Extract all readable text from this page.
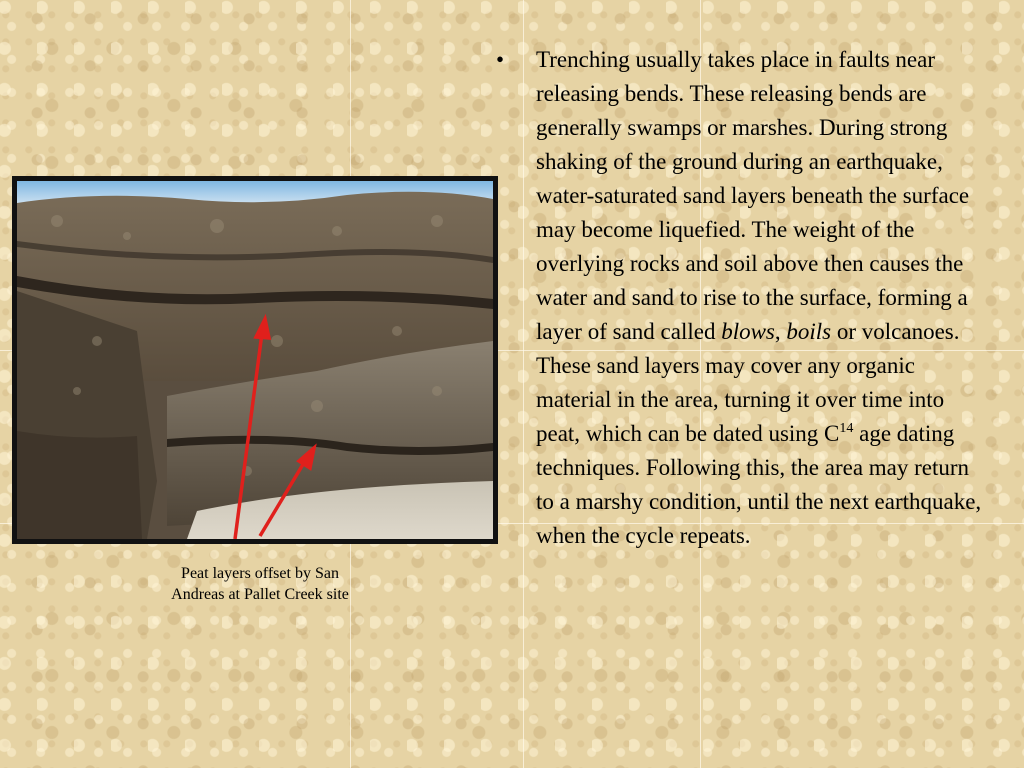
Peat layers offset by San
Andreas at Pallet Creek site
• Trenching usually takes place in faults near releasing bends. These releasing bends are generally swamps or marshes. During strong shaking of the ground during an earthquake, water-saturated sand layers beneath the surface may become liquefied. The weight of the overlying rocks and soil above then causes the water and sand to rise to the surface, forming a layer of sand called blows, boils or volcanoes. These sand layers may cover any organic material in the area, turning it over time into peat, which can be dated using $C^{14}$ age dating techniques. Following this, the area may return to a marshy condition, until the next earthquake, when the cycle repeats.
